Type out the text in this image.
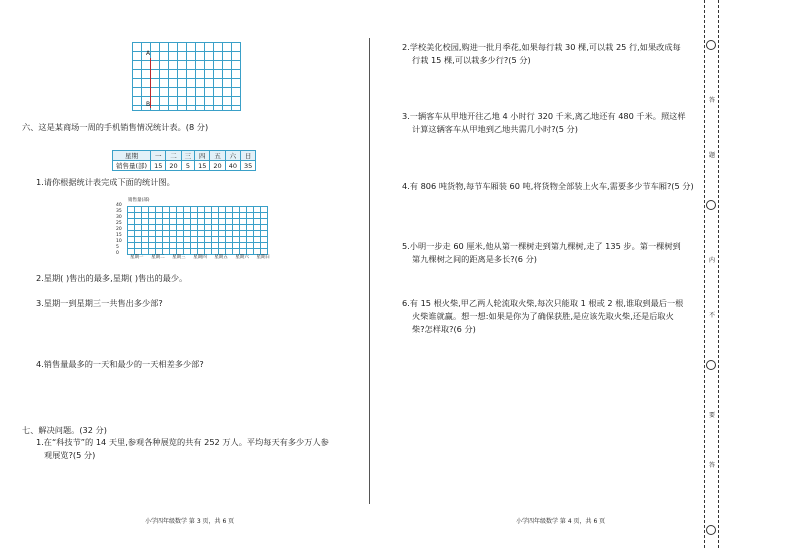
A
B
六、这是某商场一周的手机销售情况统计表。(8 分)
星期	一	二	三	四	五	六	日
销售量(部)	15	20	5	15	20	40	35
1.请你根据统计表完成下面的统计图。
销售量(部)
40
35
30
25
20
15
10
5
0
星期一 星期二 星期三 星期四 星期五 星期六 星期日
2.星期( )售出的最多,星期( )售出的最少。
3.星期一到星期三一共售出多少部?
4.销售量最多的一天和最少的一天相差多少部?
七、解决问题。(32 分)
1.在“科技节”的 14 天里,参观各种展览的共有 252 万人。平均每天有多少万人参
观展览?(5 分)
小学四年级数学 第 3 页，共 6 页
2.学校美化校园,购进一批月季花,如果每行栽 30 棵,可以栽 25 行,如果改成每
行栽 15 棵,可以栽多少行?(5 分)
3.一辆客车从甲地开往乙地 4 小时行 320 千米,离乙地还有 480 千米。照这样
计算这辆客车从甲地到乙地共需几小时?(5 分)
4.有 806 吨货物,每节车厢装 60 吨,将货物全部装上火车,需要多少节车厢?(5 分)
5.小明一步走 60 厘米,他从第一棵树走到第九棵树,走了 135 步。第一棵树到
第九棵树之间的距离是多长?(6 分)
6.有 15 根火柴,甲乙两人轮流取火柴,每次只能取 1 根或 2 根,谁取到最后一根
火柴谁就赢。想一想:如果是你为了确保获胜,是应该先取火柴,还是后取火
柴?怎样取?(6 分)
小学四年级数学 第 4 页，共 6 页
答
题
内
不
要
答
